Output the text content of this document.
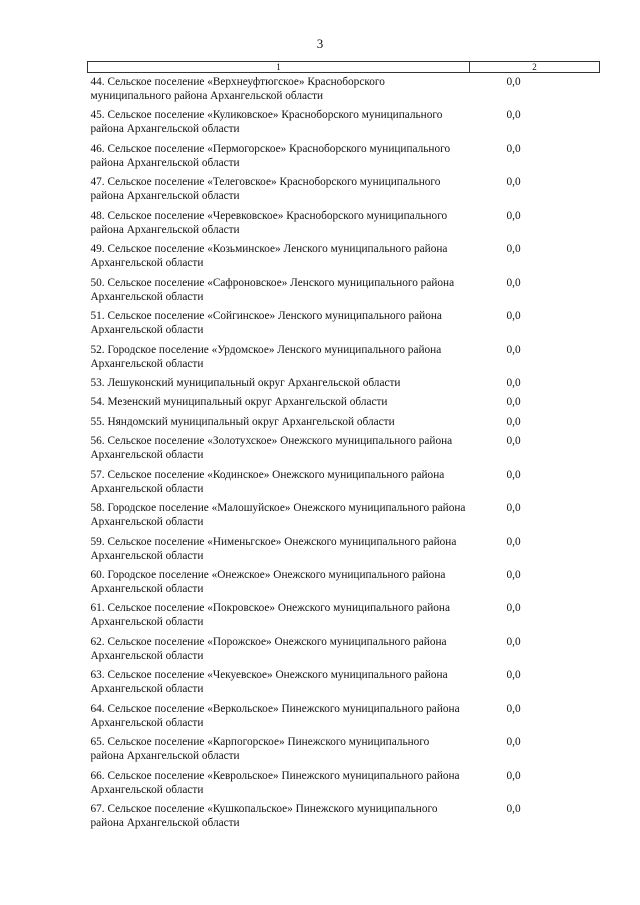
3
1	2
44. Сельское поселение «Верхнеуфтюгское» Красноборского муниципального района Архангельской области	0,0
45. Сельское поселение «Куликовское» Красноборского муниципального района Архангельской области	0,0
46. Сельское поселение «Пермогорское» Красноборского муниципального района Архангельской области	0,0
47. Сельское поселение «Телеговское» Красноборского муниципального района Архангельской области	0,0
48. Сельское поселение «Черевковское» Красноборского муниципального района Архангельской области	0,0
49. Сельское поселение «Козьминское» Ленского муниципального района Архангельской области	0,0
50. Сельское поселение «Сафроновское» Ленского муниципального района Архангельской области	0,0
51. Сельское поселение «Сойгинское» Ленского муниципального района Архангельской области	0,0
52. Городское поселение «Урдомское» Ленского муниципального района Архангельской области	0,0
53. Лешуконский муниципальный округ Архангельской области	0,0
54. Мезенский муниципальный округ Архангельской области	0,0
55. Няндомский муниципальный округ Архангельской области	0,0
56. Сельское поселение «Золотухское» Онежского муниципального района Архангельской области	0,0
57. Сельское поселение «Кодинское» Онежского муниципального района Архангельской области	0,0
58. Городское поселение «Малошуйское» Онежского муниципального района Архангельской области	0,0
59. Сельское поселение «Нименьгское» Онежского муниципального района Архангельской области	0,0
60. Городское поселение «Онежское» Онежского муниципального района Архангельской области	0,0
61. Сельское поселение «Покровское» Онежского муниципального района Архангельской области	0,0
62. Сельское поселение «Порожское» Онежского муниципального района Архангельской области	0,0
63. Сельское поселение «Чекуевское» Онежского муниципального района Архангельской области	0,0
64. Сельское поселение «Веркольское» Пинежского муниципального района Архангельской области	0,0
65. Сельское поселение «Карпогорское» Пинежского муниципального района Архангельской области	0,0
66. Сельское поселение «Кеврольское» Пинежского муниципального района Архангельской области	0,0
67. Сельское поселение «Кушкопальское» Пинежского муниципального района Архангельской области	0,0
